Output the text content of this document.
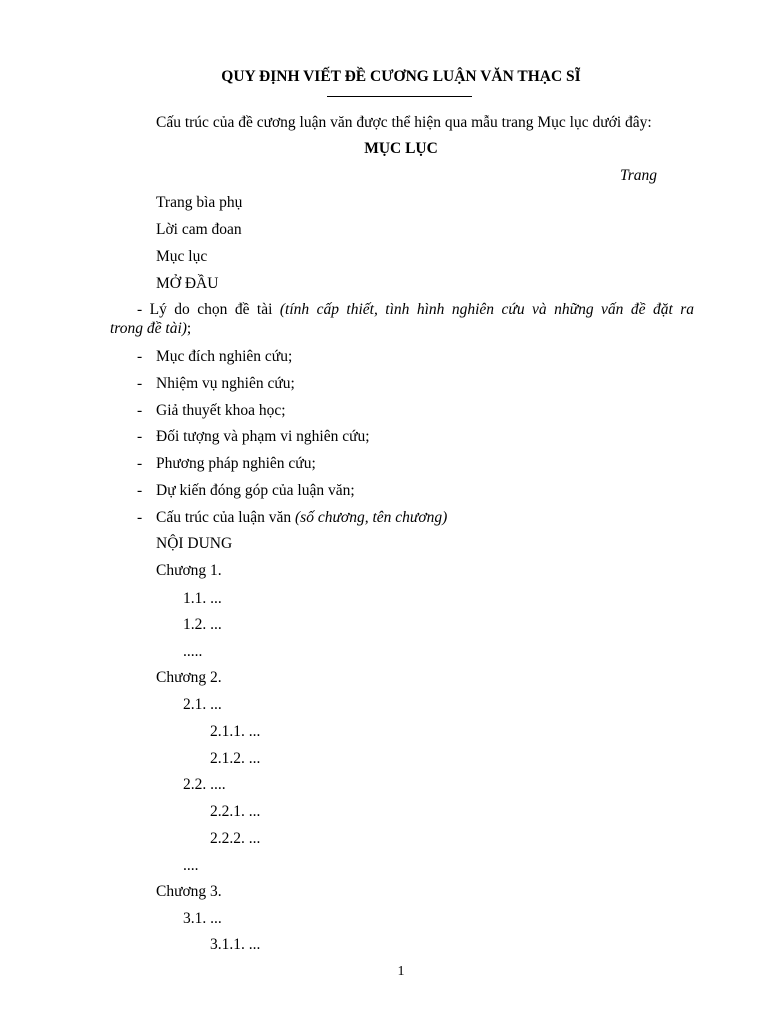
QUY ĐỊNH VIẾT ĐỀ CƯƠNG LUẬN VĂN THẠC SĨ
Cấu trúc của đề cương luận văn được thể hiện qua mẫu trang Mục lục dưới đây:
MỤC LỤC
Trang
Trang bìa phụ
Lời cam đoan
Mục lục
MỞ ĐẦU
- Lý do chọn đề tài (tính cấp thiết, tình hình nghiên cứu và những vấn đề đặt ra
trong đề tài);
- Mục đích nghiên cứu;
- Nhiệm vụ nghiên cứu;
- Giả thuyết khoa học;
- Đối tượng và phạm vi nghiên cứu;
- Phương pháp nghiên cứu;
- Dự kiến đóng góp của luận văn;
- Cấu trúc của luận văn (số chương, tên chương)
NỘI DUNG
Chương 1.
1.1. ...
1.2. ...
.....
Chương 2.
2.1. ...
2.1.1. ...
2.1.2. ...
2.2. ....
2.2.1. ...
2.2.2. ...
....
Chương 3.
3.1. ...
3.1.1. ...
1
